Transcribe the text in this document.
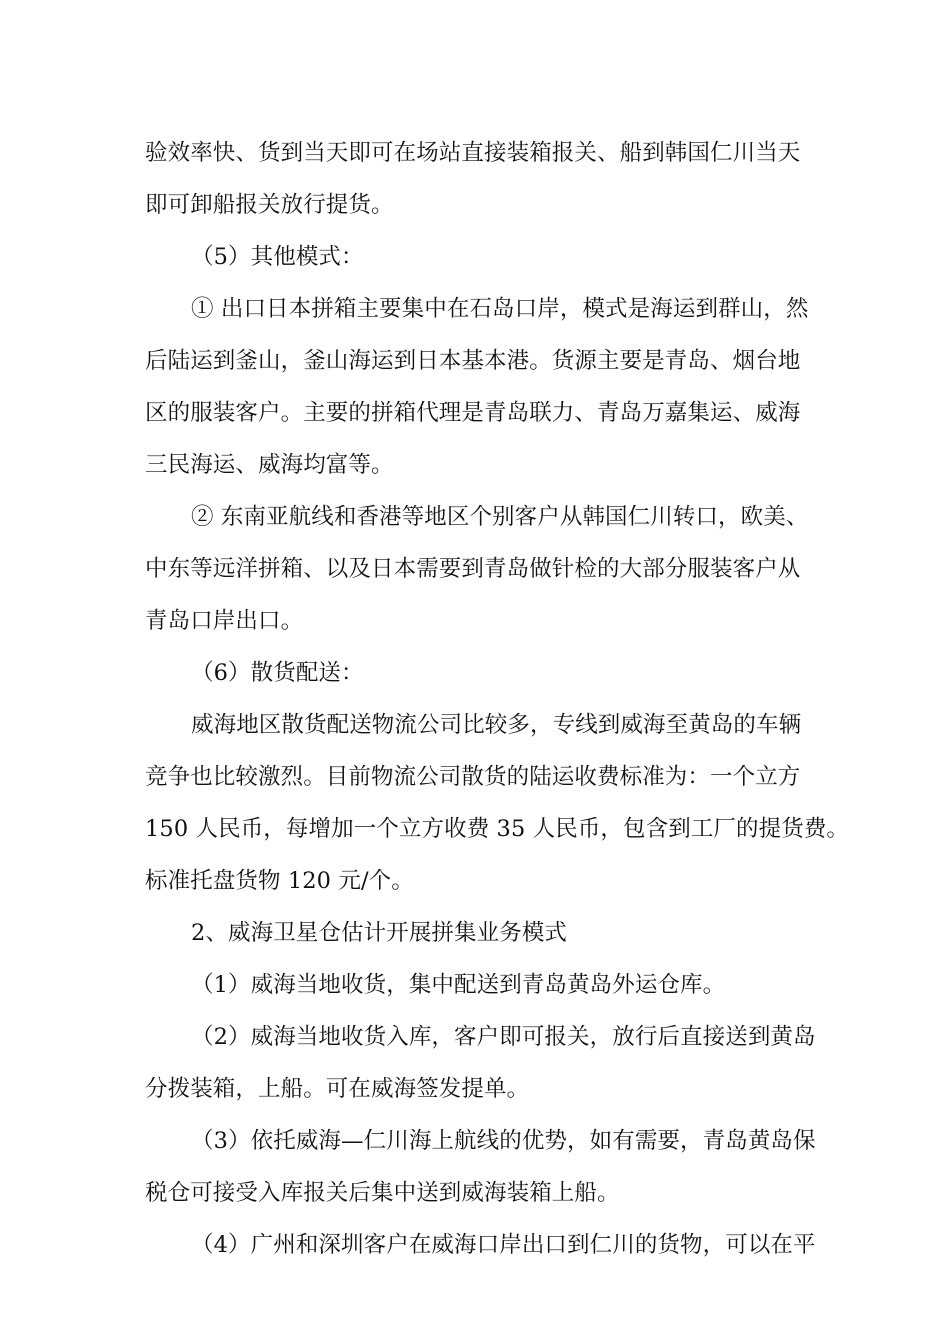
验效率快、货到当天即可在场站直接装箱报关、船到韩国仁川当天
即可卸船报关放行提货。
（5）其他模式：
① 出口日本拼箱主要集中在石岛口岸，模式是海运到群山，然
后陆运到釜山，釜山海运到日本基本港。货源主要是青岛、烟台地
区的服装客户。主要的拼箱代理是青岛联力、青岛万嘉集运、威海
三民海运、威海均富等。
② 东南亚航线和香港等地区个别客户从韩国仁川转口，欧美、
中东等远洋拼箱、以及日本需要到青岛做针检的大部分服装客户从
青岛口岸出口。
（6）散货配送：
威海地区散货配送物流公司比较多，专线到威海至黄岛的车辆
竞争也比较激烈。目前物流公司散货的陆运收费标准为：一个立方
150 人民币，每增加一个立方收费 35 人民币，包含到工厂的提货费。
标准托盘货物 120 元/个。
2、威海卫星仓估计开展拼集业务模式
（1）威海当地收货，集中配送到青岛黄岛外运仓库。
（2）威海当地收货入库，客户即可报关，放行后直接送到黄岛
分拨装箱，上船。可在威海签发提单。
（3）依托威海—仁川海上航线的优势，如有需要，青岛黄岛保
税仓可接受入库报关后集中送到威海装箱上船。
（4）广州和深圳客户在威海口岸出口到仁川的货物，可以在平
